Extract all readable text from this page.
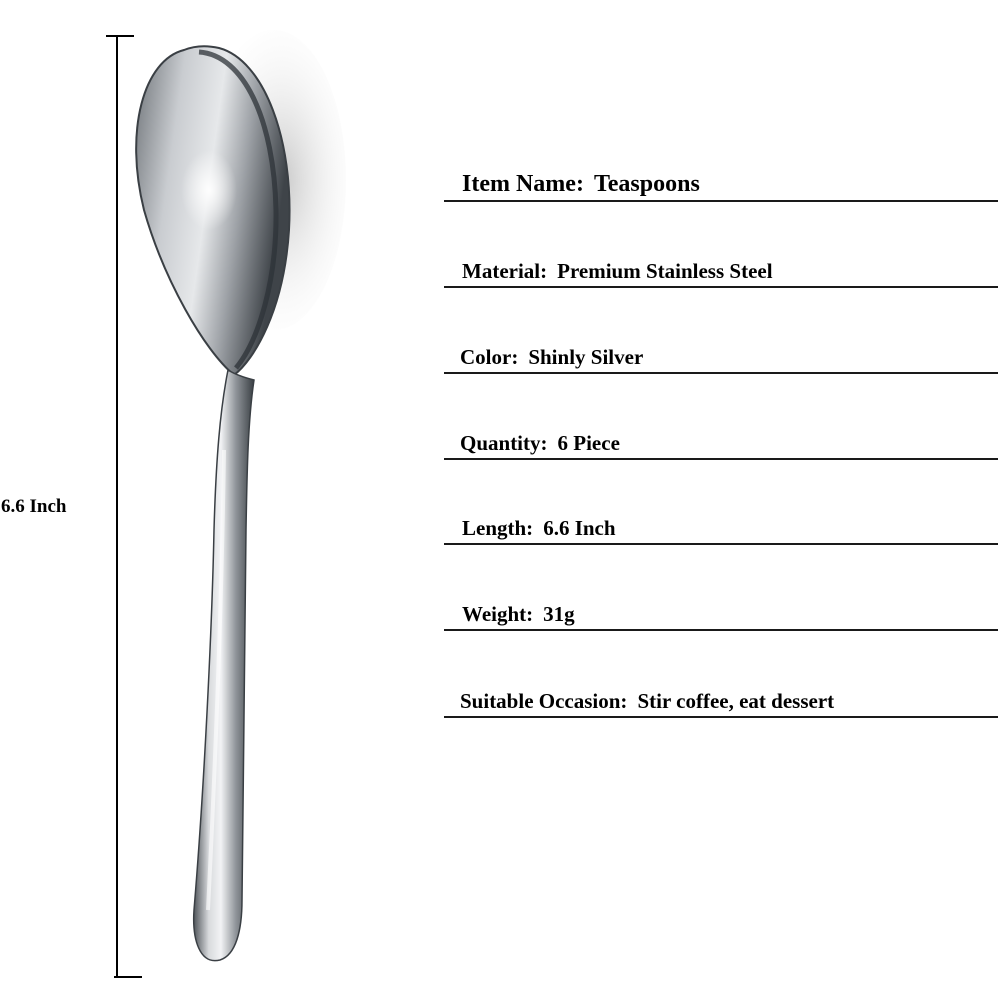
6.6 Inch
Item Name: Teaspoons
Material: Premium Stainless Steel
Color: Shinly Silver
Quantity: 6 Piece
Length: 6.6 Inch
Weight: 31g
Suitable Occasion: Stir coffee, eat dessert
